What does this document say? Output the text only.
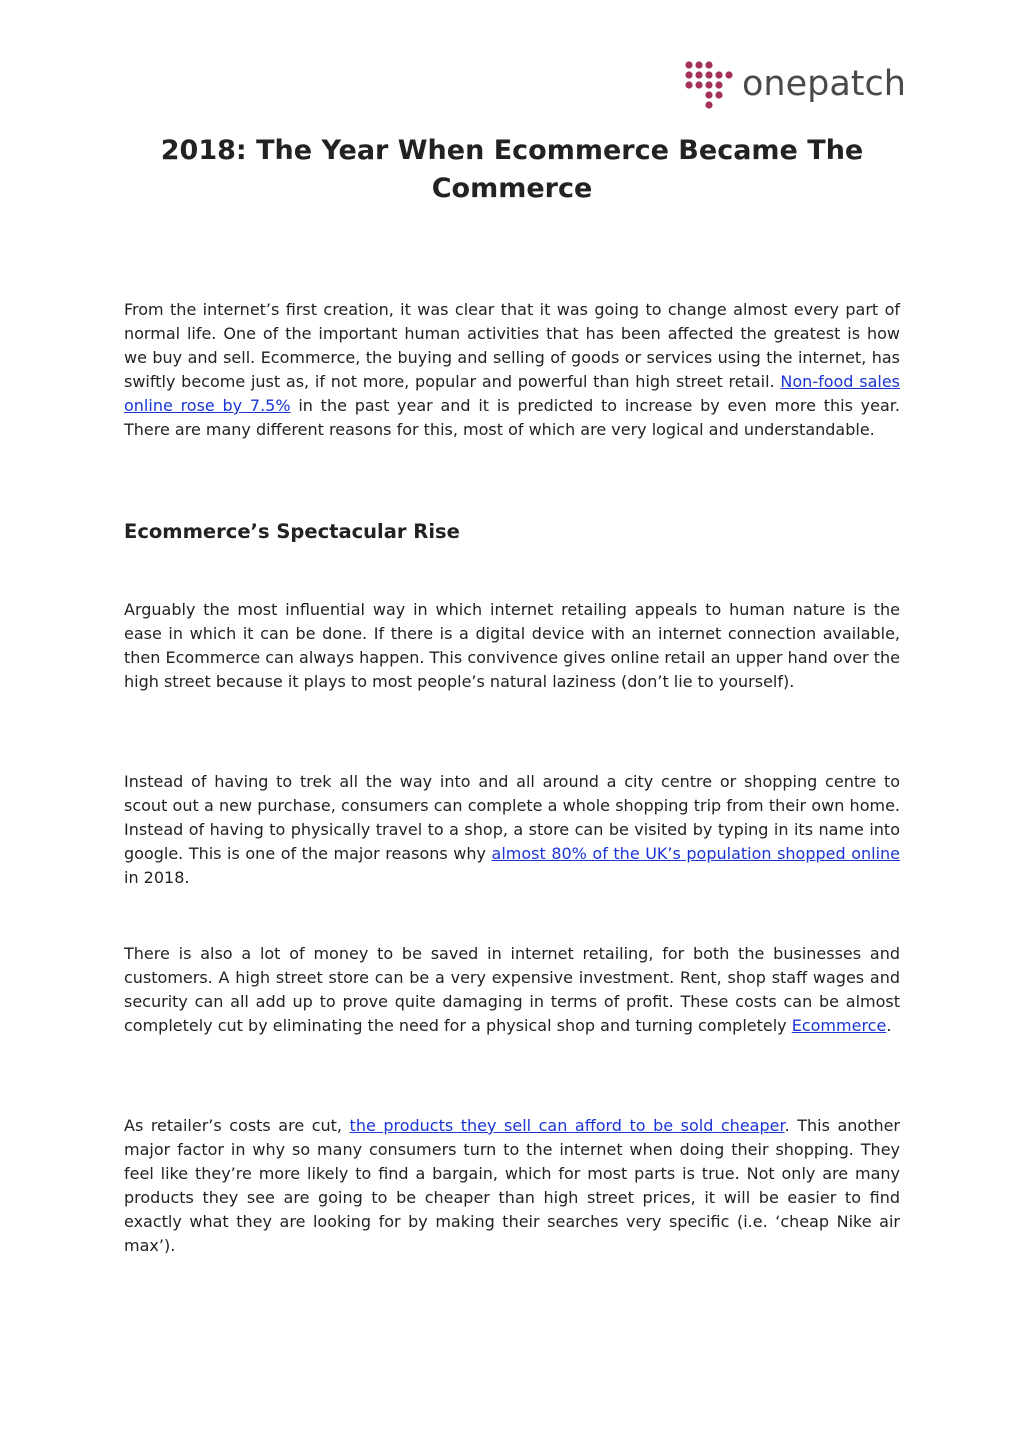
onepatch
2018: The Year When Ecommerce Became The Commerce

From the internet’s first creation, it was clear that it was going to change almost every part of normal life. One of the important human activities that has been affected the greatest is how we buy and sell. Ecommerce, the buying and selling of goods or services using the internet, has swiftly become just as, if not more, popular and powerful than high street retail. Non-food sales online rose by 7.5% in the past year and it is predicted to increase by even more this year. There are many different reasons for this, most of which are very logical and understandable.

Ecommerce’s Spectacular Rise

Arguably the most influential way in which internet retailing appeals to human nature is the ease in which it can be done. If there is a digital device with an internet connection available, then Ecommerce can always happen. This convivence gives online retail an upper hand over the high street because it plays to most people’s natural laziness (don’t lie to yourself).

Instead of having to trek all the way into and all around a city centre or shopping centre to scout out a new purchase, consumers can complete a whole shopping trip from their own home. Instead of having to physically travel to a shop, a store can be visited by typing in its name into google. This is one of the major reasons why almost 80% of the UK’s population shopped online in 2018.

There is also a lot of money to be saved in internet retailing, for both the businesses and customers. A high street store can be a very expensive investment. Rent, shop staff wages and security can all add up to prove quite damaging in terms of profit. These costs can be almost completely cut by eliminating the need for a physical shop and turning completely Ecommerce.

As retailer’s costs are cut, the products they sell can afford to be sold cheaper. This another major factor in why so many consumers turn to the internet when doing their shopping. They feel like they’re more likely to find a bargain, which for most parts is true. Not only are many products they see are going to be cheaper than high street prices, it will be easier to find exactly what they are looking for by making their searches very specific (i.e. ‘cheap Nike air max’).
